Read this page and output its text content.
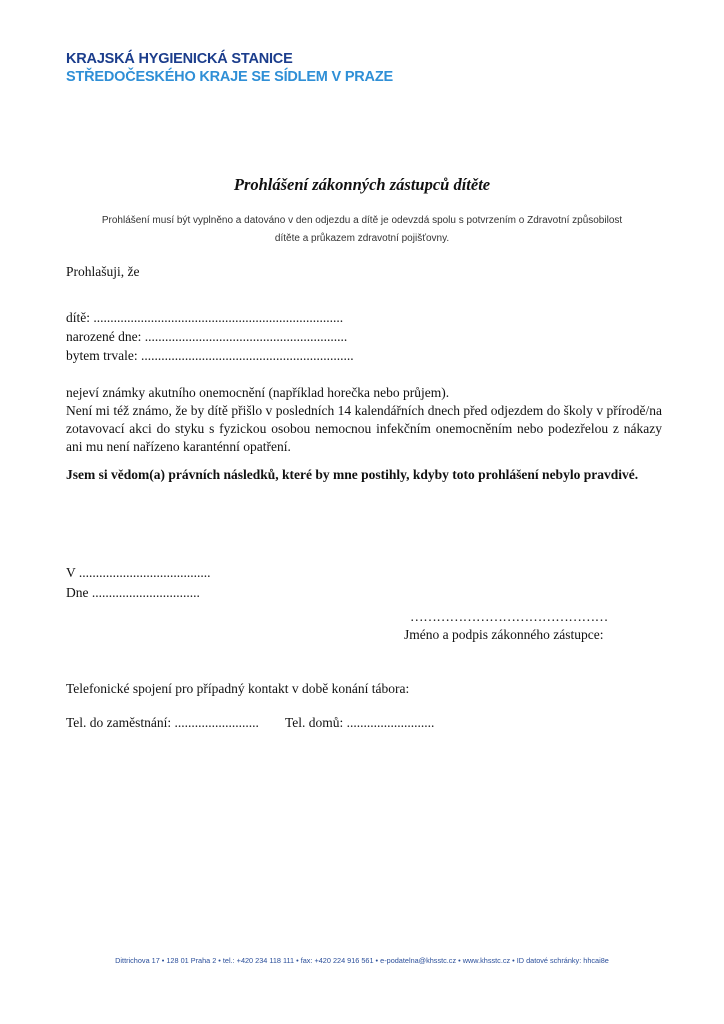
KRAJSKÁ HYGIENICKÁ STANICE
STŘEDOČESKÉHO KRAJE SE SÍDLEM V PRAZE
Prohlášení zákonných zástupců dítěte
Prohlášení musí být vyplněno a datováno v den odjezdu a dítě je odevzdá spolu s potvrzením o Zdravotní způsobilost
dítěte a průkazem zdravotní pojišťovny.
Prohlašuji, že
dítě: ..........................................................................
narozené dne: ............................................................
bytem trvale: ...............................................................
nejeví známky akutního onemocnění (například horečka nebo průjem).
Není mi též známo, že by dítě přišlo v posledních 14 kalendářních dnech před odjezdem do školy v přírodě/na zotavovací akci do styku s fyzickou osobou nemocnou infekčním onemocněním nebo podezřelou z nákazy ani mu není nařízeno karanténní opatření.
Jsem si vědom(a) právních následků, které by mne postihly, kdyby toto prohlášení nebylo pravdivé.
V .......................................
Dne ................................
………………………………………
Jméno a podpis zákonného zástupce:
Telefonické spojení pro případný kontakt v době konání tábora:
Tel. do zaměstnání: ......................... Tel. domů: ..........................
Dittrichova 17 • 128 01 Praha 2 • tel.: +420 234 118 111 • fax: +420 224 916 561 • e-podatelna@khsstc.cz • www.khsstc.cz • ID datové schránky: hhcai8e
